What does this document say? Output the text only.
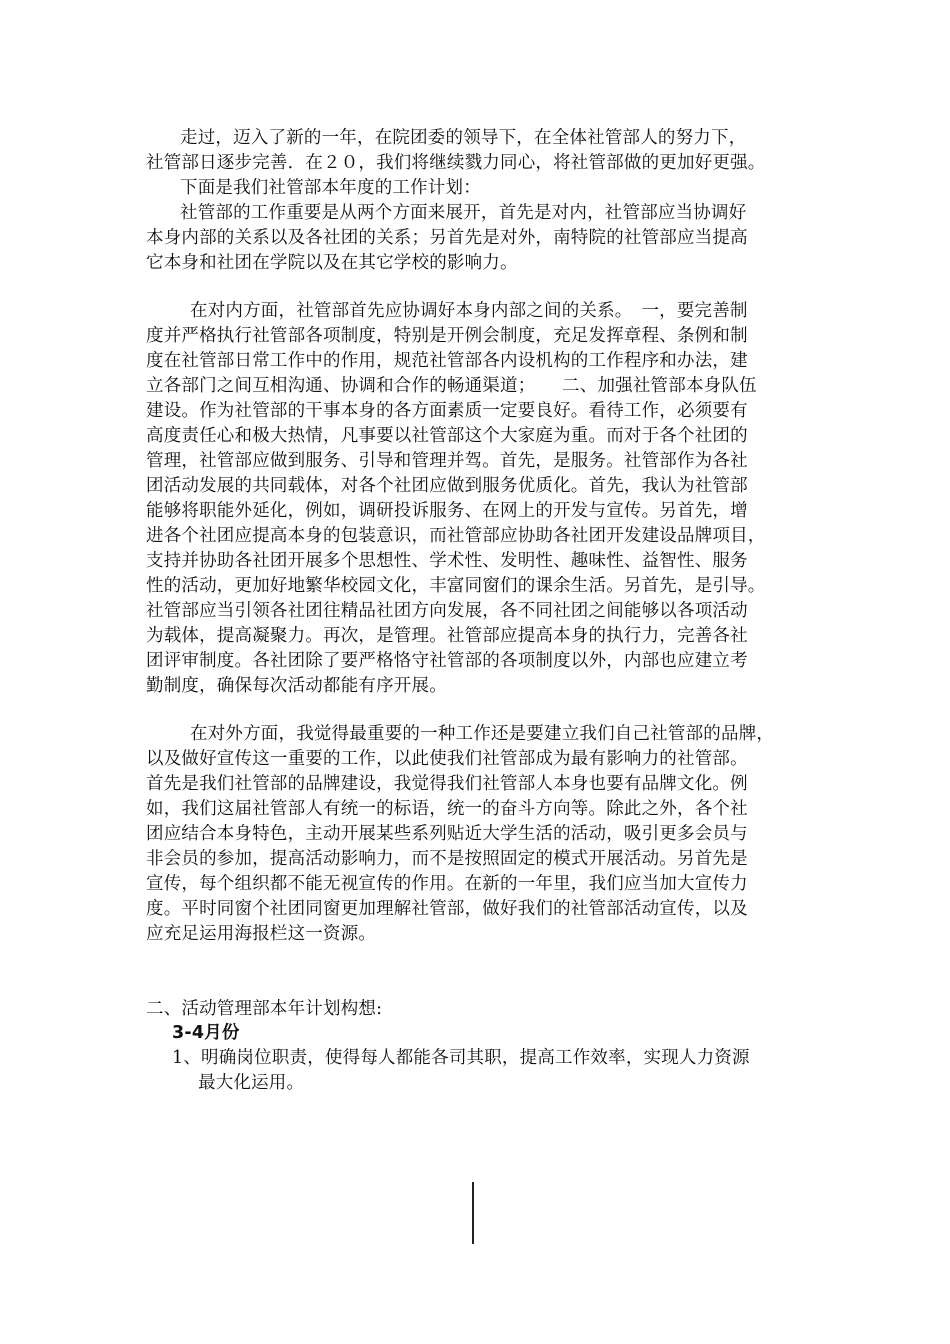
走过，迈入了新的一年，在院团委的领导下，在全体社管部人的努力下，
社管部日逐步完善．在２０，我们将继续戮力同心，将社管部做的更加好更强。
下面是我们社管部本年度的工作计划：
社管部的工作重要是从两个方面来展开，首先是对内，社管部应当协调好
本身内部的关系以及各社团的关系；另首先是对外，南特院的社管部应当提高
它本身和社团在学院以及在其它学校的影响力。
在对内方面，社管部首先应协调好本身内部之间的关系。　一，要完善制
度并严格执行社管部各项制度，特别是开例会制度，充足发挥章程、条例和制
度在社管部日常工作中的作用，规范社管部各内设机构的工作程序和办法，建
立各部门之间互相沟通、协调和合作的畅通渠道；　　二、加强社管部本身队伍
建设。作为社管部的干事本身的各方面素质一定要良好。看待工作，必须要有
高度责任心和极大热情，凡事要以社管部这个大家庭为重。而对于各个社团的
管理，社管部应做到服务、引导和管理并驾。首先，是服务。社管部作为各社
团活动发展的共同载体，对各个社团应做到服务优质化。首先，我认为社管部
能够将职能外延化，例如，调研投诉服务、在网上的开发与宣传。另首先，增
进各个社团应提高本身的包装意识，而社管部应协助各社团开发建设品牌项目，
支持并协助各社团开展多个思想性、学术性、发明性、趣味性、益智性、服务
性的活动，更加好地繁华校园文化，丰富同窗们的课余生活。另首先，是引导。
社管部应当引领各社团往精品社团方向发展，各不同社团之间能够以各项活动
为载体，提高凝聚力。再次，是管理。社管部应提高本身的执行力，完善各社
团评审制度。各社团除了要严格恪守社管部的各项制度以外，内部也应建立考
勤制度，确保每次活动都能有序开展。
在对外方面，我觉得最重要的一种工作还是要建立我们自己社管部的品牌，
以及做好宣传这一重要的工作，以此使我们社管部成为最有影响力的社管部。
首先是我们社管部的品牌建设，我觉得我们社管部人本身也要有品牌文化。例
如，我们这届社管部人有统一的标语，统一的奋斗方向等。除此之外，各个社
团应结合本身特色，主动开展某些系列贴近大学生活的活动，吸引更多会员与
非会员的参加，提高活动影响力，而不是按照固定的模式开展活动。另首先是
宣传，每个组织都不能无视宣传的作用。在新的一年里，我们应当加大宣传力
度。平时同窗个社团同窗更加理解社管部，做好我们的社管部活动宣传，以及
应充足运用海报栏这一资源。
二、活动管理部本年计划构想:
3-4月份
1、明确岗位职责，使得每人都能各司其职，提高工作效率，实现人力资源
最大化运用。
